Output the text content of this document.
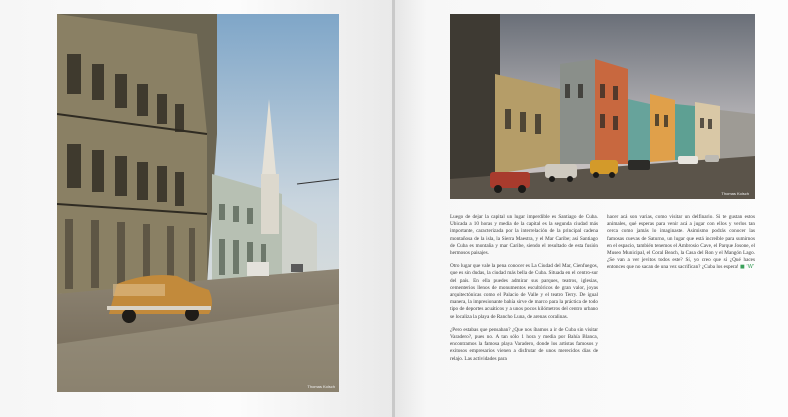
Thomas Kolsch
Thomas Kolsch

Luego de dejar la capital un lugar imperdible es Santiago de Cuba. Ubicada a 10 horas y media de la capital es la segunda ciudad más importante, caracterizada por la interrelación de la principal cadena montañosa de la isla, la Sierra Maestra, y el Mar Caribe; así Santiago de Cuba es montaña y mar Caribe, siendo el resultado de esta fusión hermosos paisajes.

Otro lugar que vale la pena conocer es La Ciudad del Mar, Cienfuegos, que es sin dudas, la ciudad más bella de Cuba. Situada en el centro-sur del país. En ella puedes admirar sus parques, teatros, iglesias, cementerios llenos de monumentos escultóricos de gran valor, joyas arquitectónicas como el Palacio de Valle y el teatro Terry. De igual manera, la impresionante bahía sirve de marco para la práctica de todo tipo de deportes acuáticos y a unos pocos kilómetros del centro urbano se localiza la playa de Rancho Luna, de arenas coralinas.

¿Pero estabas que pensaban? ¿Que nos íbamos a ir de Cuba sin visitar Varadero?, pues no. A tan sólo 1 hora y media por Bahía Blanca, encontramos la famosa playa Varadero, donde los artistas famosos y exitosos empresarios vienen a disfrutar de unos merecidos días de relajo. Las actividades para

hacer acá son varias, como visitar un delfinario. Si te gustan estos animales, qué esperas para venir acá a jugar con ellos y verlos tan cerca como jamás lo imaginaste. Asimismo podrás conocer las famosas cuevas de Saturno, un lugar que está increíble para sumirnos en el espacio, también tenemos el Ambrosio Cave, el Parque Josone, el Museo Municipal, el Coral Beach, la Casa del Ron y el Mangón Lago. ¿Se van a ver jevitos todos este? Sí, yo creo que sí ¿Qué haces entonces que no sacan de una vez sacrifican? ¿Cuba los espera! ■ ‘W’
